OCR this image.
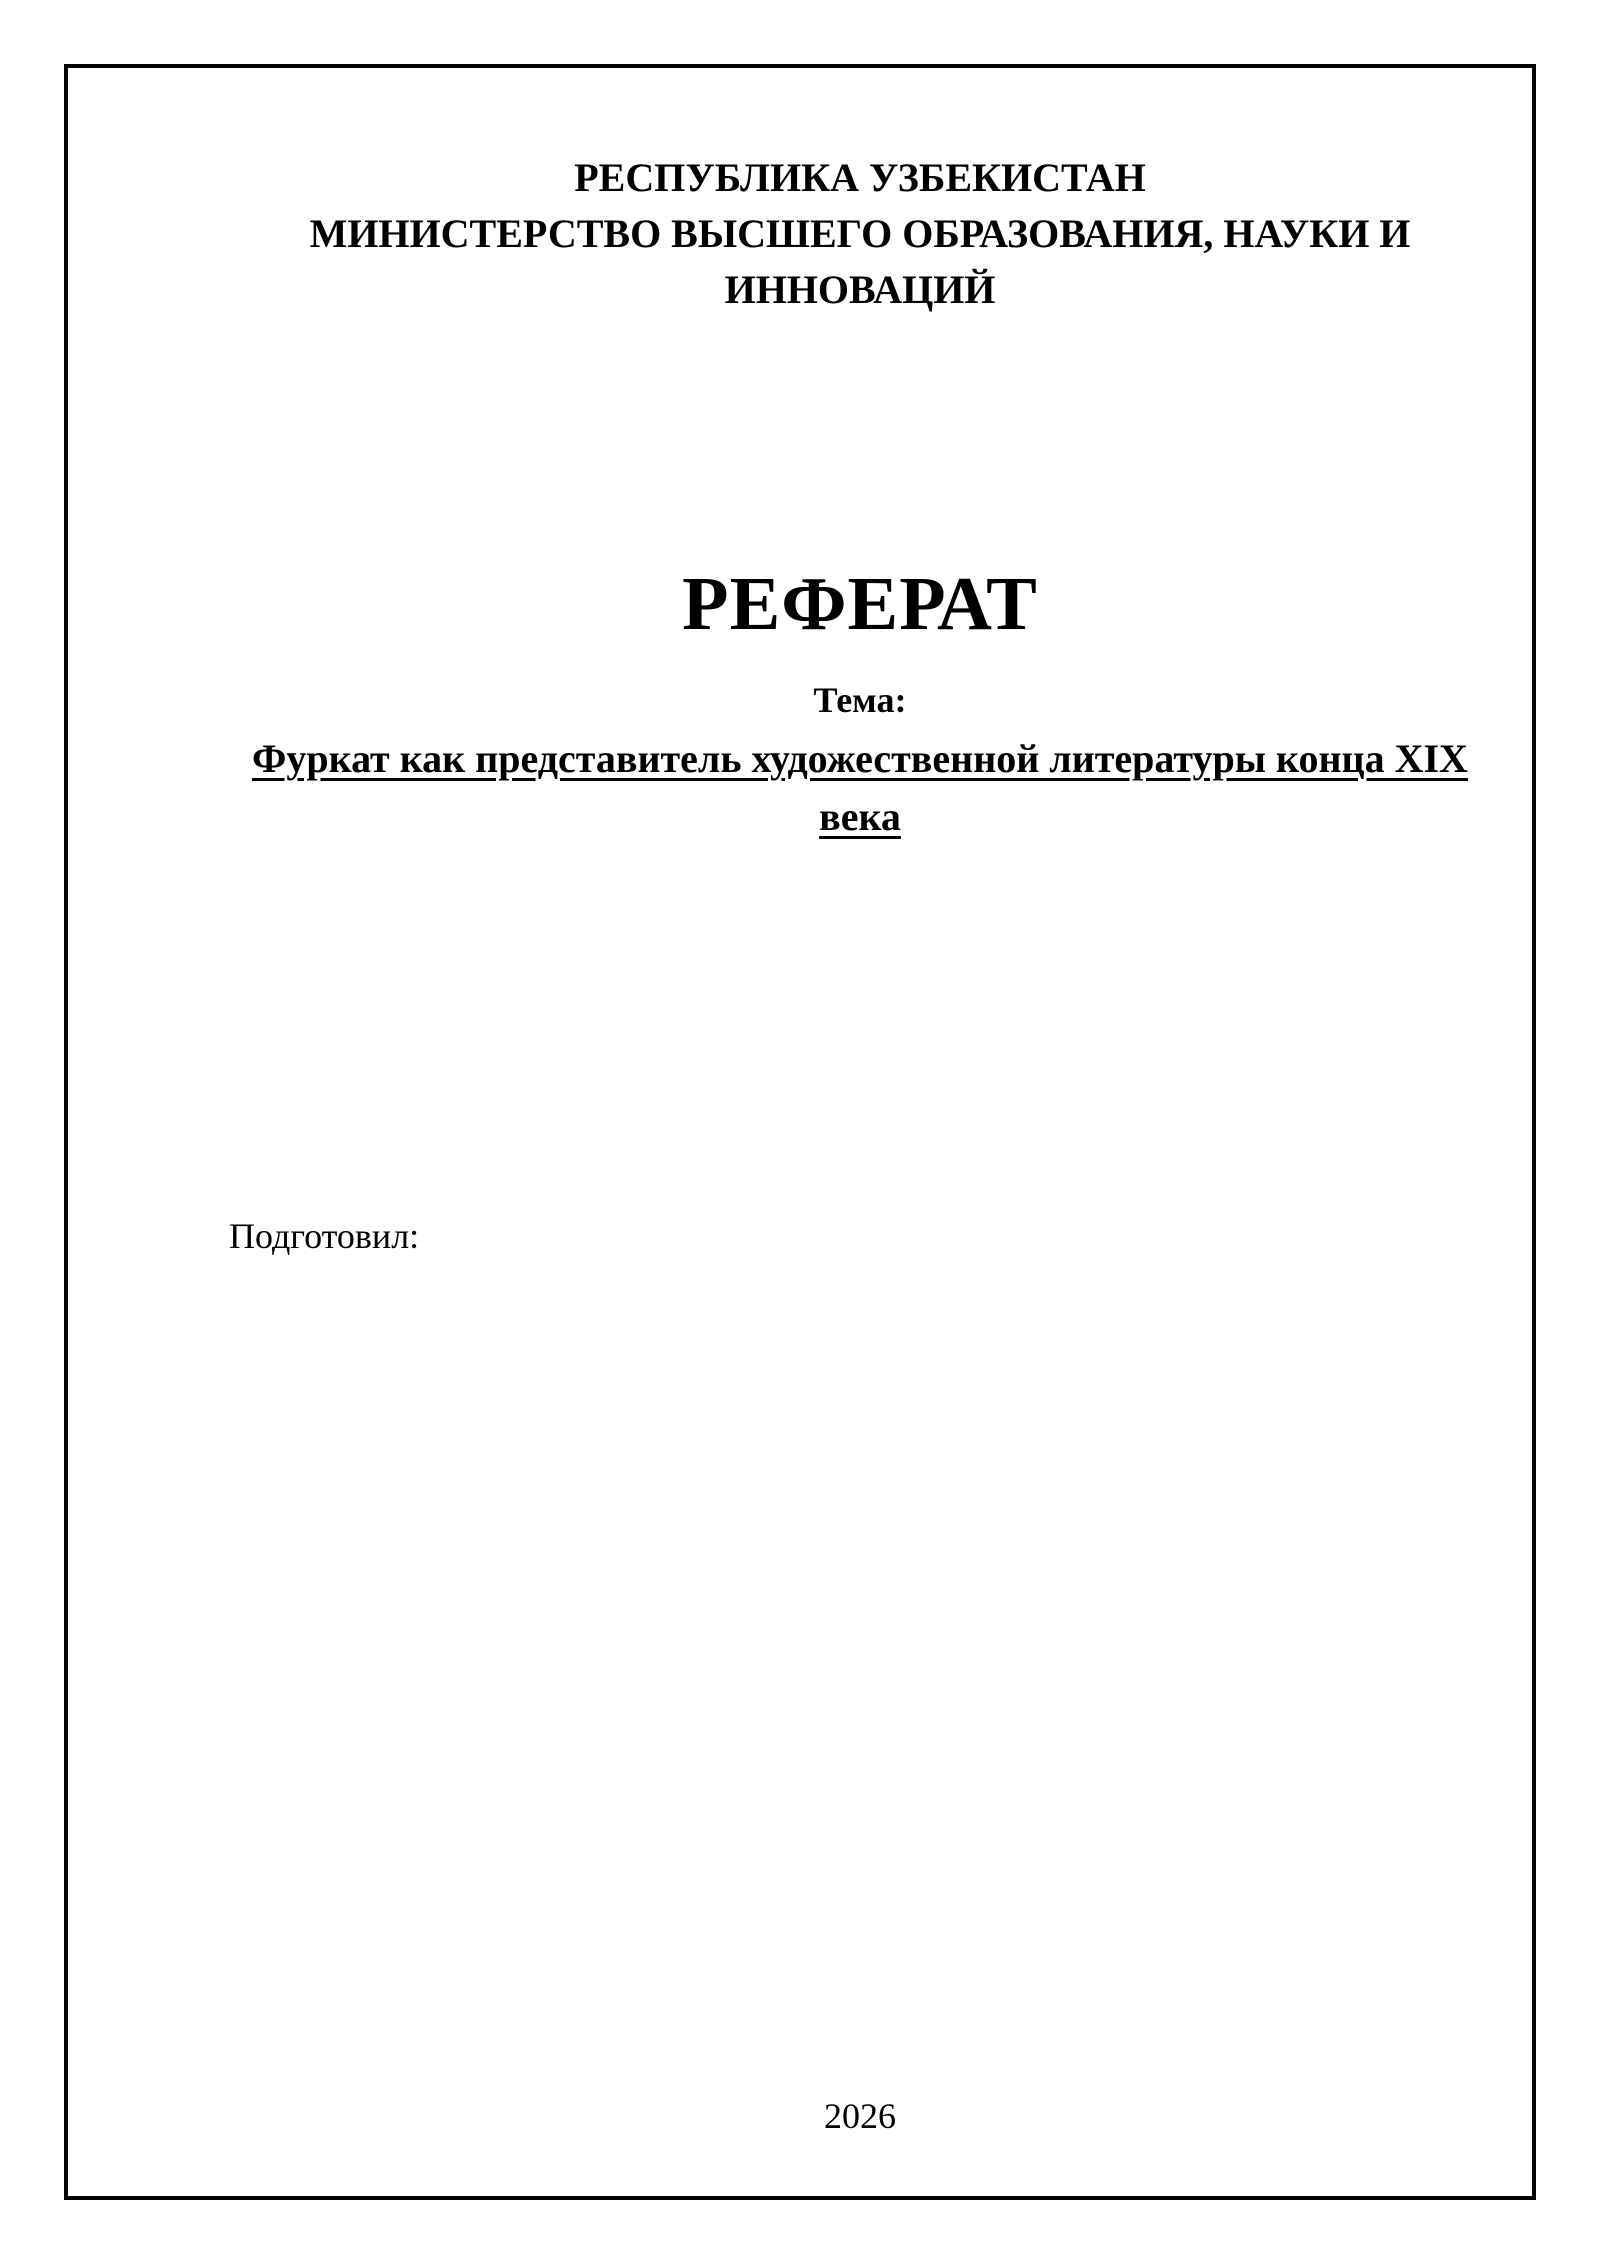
РЕСПУБЛИКА УЗБЕКИСТАН
МИНИСТЕРСТВО ВЫСШЕГО ОБРАЗОВАНИЯ, НАУКИ И
ИННОВАЦИЙ
РЕФЕРАТ
Тема:
Фуркат как представитель художественной литературы конца XIX века
Подготовил:
2026
